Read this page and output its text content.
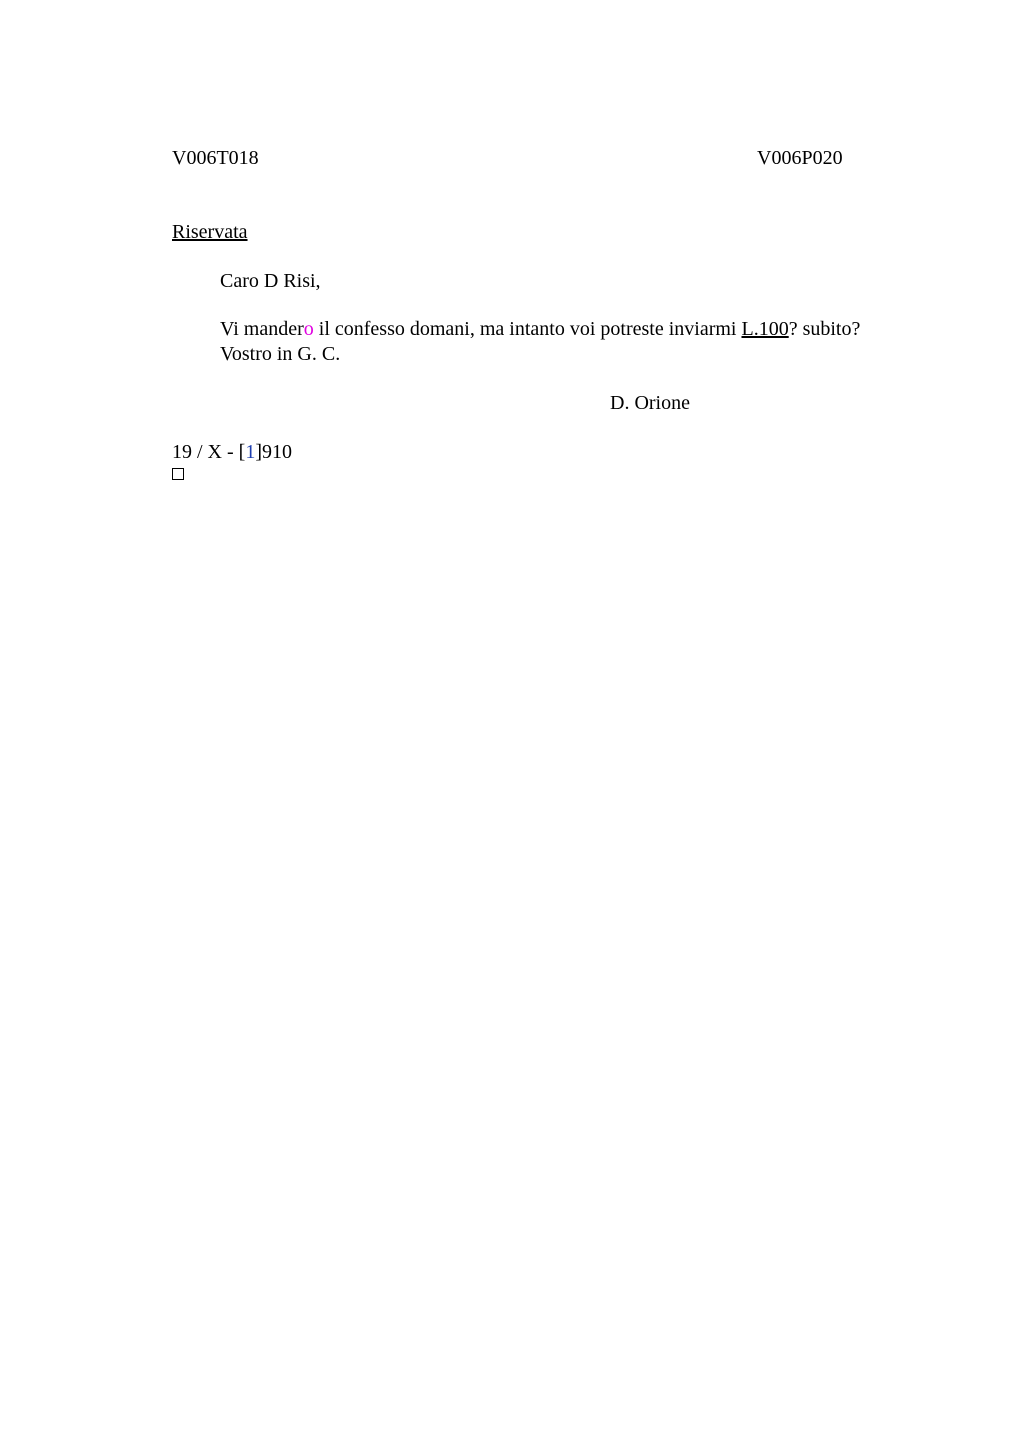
V006T018	V006P020
Riservata
Caro D Risi,
Vi mandero il confesso domani, ma intanto voi potreste inviarmi L.100? subito?
Vostro in G. C.
D. Orione
19 / X - [1]910
